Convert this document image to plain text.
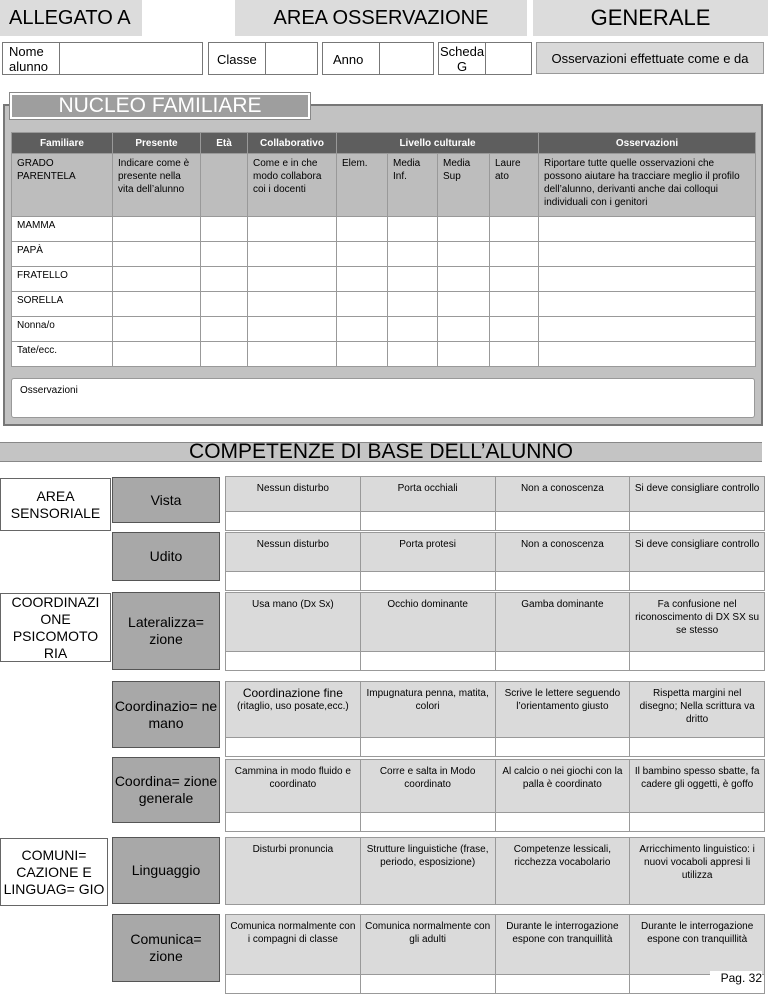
ALLEGATO A	AREA OSSERVAZIONE	GENERALE
Nome alunno	Classe	Anno
Scheda G
Osservazioni effettuate come e da
NUCLEO FAMILIARE
Familiare	Presente	Età	Collaborativo	Livello culturale				Osservazioni
GRADO PARENTELA	Indicare come è presente nella vita dell’alunno		Come e in che modo collabora coi i docenti	Elem.	Media Inf.	Media Sup	Laure ato	Riportare tutte quelle osservazioni che possono aiutare ha tracciare meglio il profilo dell’alunno, derivanti anche dai colloqui individuali con i genitori
MAMMA								
PAPÀ								
FRATELLO								
SORELLA								
Nonna/o								
Tate/ecc.								
Osservazioni
COMPETENZE DI BASE DELL’ALUNNO
AREA SENSORIALE
COORDINAZI ONE PSICOMOTO RIA
COMUNI= CAZIONE E LINGUAG= GIO
Vista
Nessun disturbo	Porta occhiali	Non a conoscenza	Si deve consigliare controllo

Udito
Nessun disturbo	Porta protesi	Non a conoscenza	Si deve consigliare controllo

Lateralizza= zione
Usa mano (Dx Sx)	Occhio dominante	Gamba dominante	Fa confusione nel riconoscimento di DX SX su se stesso

Coordinazio= ne mano
Coordinazione fine
(ritaglio, uso posate,ecc.)	Impugnatura penna, matita, colori	Scrive le lettere seguendo l’orientamento giusto	Rispetta margini nel disegno; Nella scrittura va dritto

Coordina= zione generale
Cammina in modo fluido e coordinato	Corre e salta in Modo coordinato	Al calcio o nei giochi con la palla è coordinato	Il bambino spesso sbatte, fa cadere gli oggetti, è goffo

Linguaggio
Disturbi pronuncia	Strutture linguistiche (frase, periodo, esposizione)	Competenze lessicali, ricchezza vocabolario	Arricchimento linguistico: i nuovi vocaboli appresi li utilizza
Comunica= zione
Comunica normalmente con i compagni di classe	Comunica normalmente con gli adulti	Durante le interrogazione espone con tranquillità	Durante le interrogazione espone con tranquillità

Pag. 32
